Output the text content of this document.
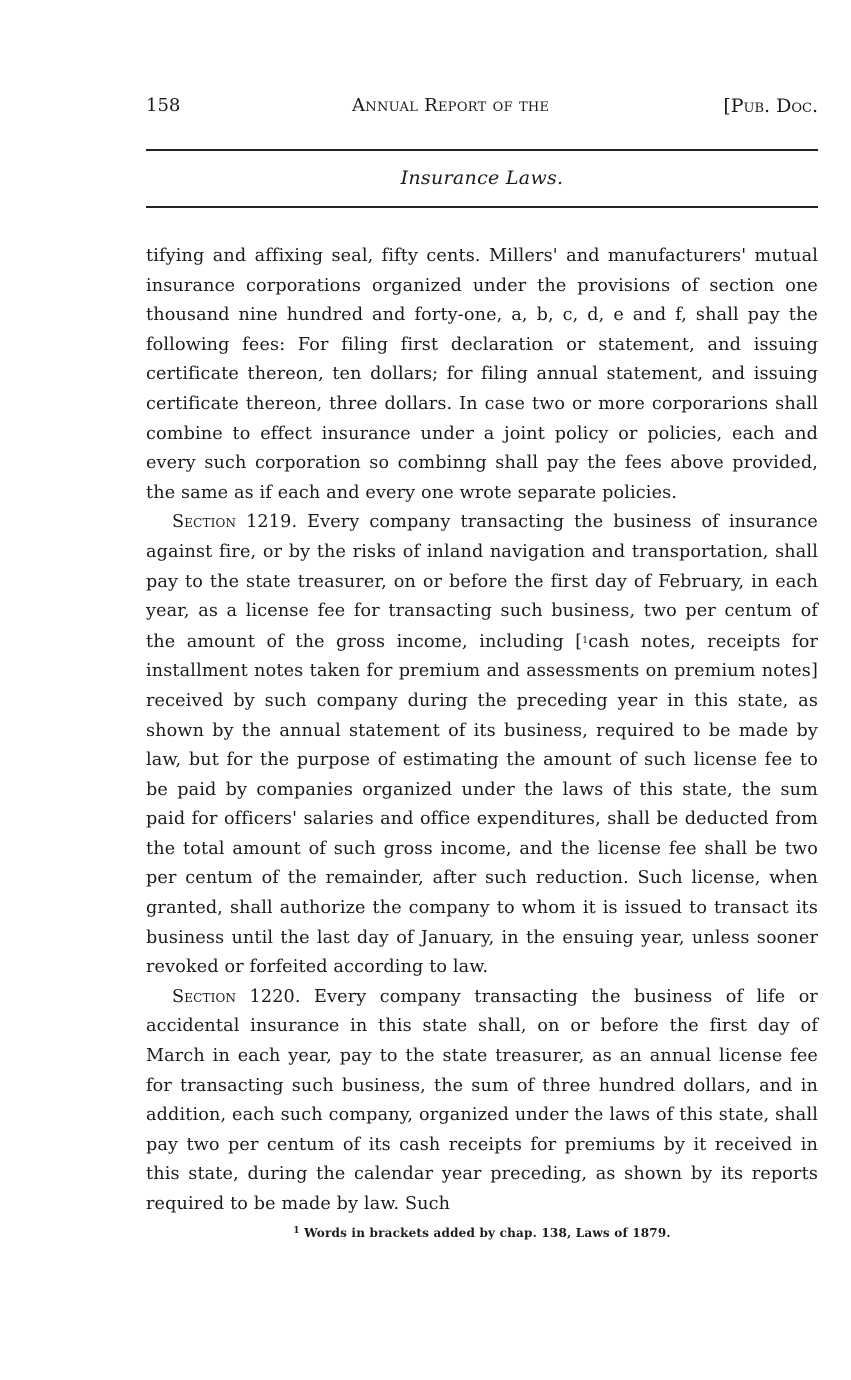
158	Annual Report of the	[Pub. Doc.
Insurance Laws.

tifying and affixing seal, fifty cents. Millers' and manufacturers' mutual insurance corporations organized under the provisions of section one thousand nine hundred and forty-one, a, b, c, d, e and f, shall pay the following fees: For filing first declaration or statement, and issuing certificate thereon, ten dollars; for filing annual statement, and issuing certificate thereon, three dollars. In case two or more corporarions shall combine to effect insurance under a joint policy or policies, each and every such corporation so combinng shall pay the fees above provided, the same as if each and every one wrote separate policies.

Section 1219. Every company transacting the business of insurance against fire, or by the risks of inland navigation and transportation, shall pay to the state treasurer, on or before the first day of February, in each year, as a license fee for transacting such business, two per centum of the amount of the gross income, including [$^1$cash notes, receipts for installment notes taken for premium and assessments on premium notes] received by such company during the preceding year in this state, as shown by the annual statement of its business, required to be made by law, but for the purpose of estimating the amount of such license fee to be paid by companies organized under the laws of this state, the sum paid for officers' salaries and office expenditures, shall be deducted from the total amount of such gross income, and the license fee shall be two per centum of the remainder, after such reduction. Such license, when granted, shall authorize the company to whom it is issued to transact its business until the last day of January, in the ensuing year, unless sooner revoked or forfeited according to law.

Section 1220. Every company transacting the business of life or accidental insurance in this state shall, on or before the first day of March in each year, pay to the state treasurer, as an annual license fee for transacting such business, the sum of three hundred dollars, and in addition, each such company, organized under the laws of this state, shall pay two per centum of its cash receipts for premiums by it received in this state, during the calendar year preceding, as shown by its reports required to be made by law. Such

$^1$ Words in brackets added by chap. 138, Laws of 1879.
